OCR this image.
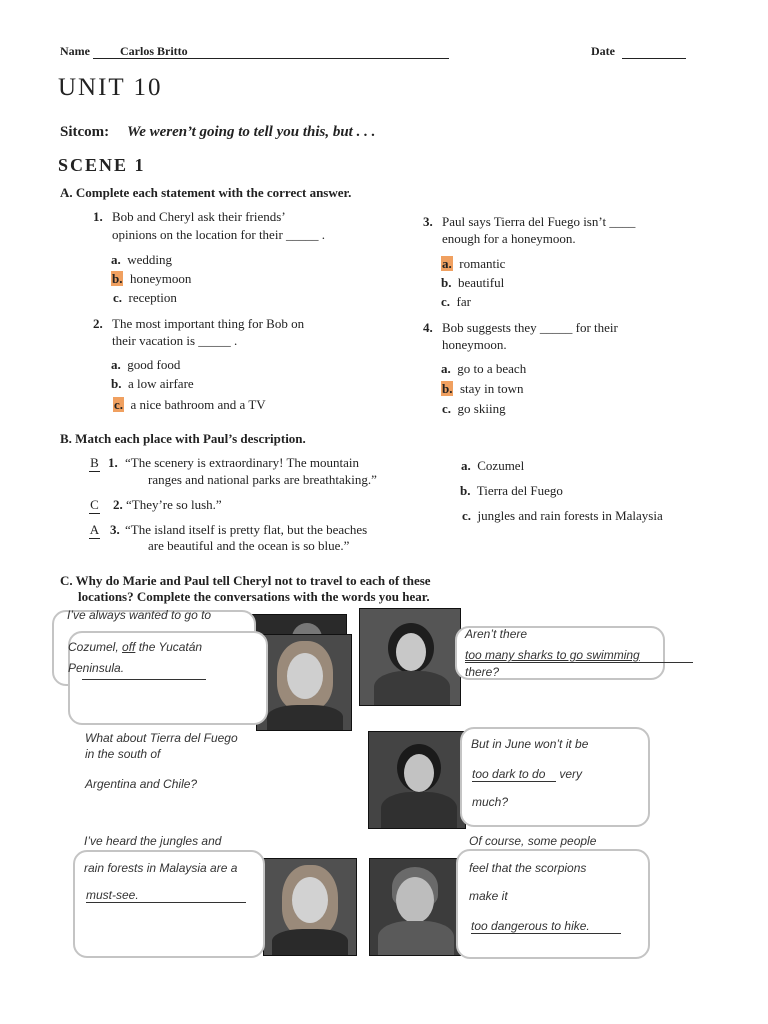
Name	Carlos Britto	Date
UNIT 10
Sitcom: We weren’t going to tell you this, but . . .
SCENE 1
A. Complete each statement with the correct answer.
1. Bob and Cheryl ask their friends’
opinions on the location for their _____ .
a. wedding
b. honeymoon
c. reception
2. The most important thing for Bob on
their vacation is _____ .
a. good food
b. a low airfare
c. a nice bathroom and a TV
3. Paul says Tierra del Fuego isn’t ____
enough for a honeymoon.
a. romantic
b. beautiful
c. far
4. Bob suggests they _____ for their
honeymoon.
a. go to a beach
b. stay in town
c. go skiing
B. Match each place with Paul’s description.
B 1. “The scenery is extraordinary! The mountain
ranges and national parks are breathtaking.”
C 2. “They’re so lush.”
A 3. “The island itself is pretty flat, but the beaches
are beautiful and the ocean is so blue.”
a. Cozumel
b. Tierra del Fuego
c. jungles and rain forests in Malaysia
C. Why do Marie and Paul tell Cheryl not to travel to each of these
locations? Complete the conversations with the words you hear.
I’ve always wanted to go to
Cozumel, off the Yucatán
Peninsula.
Aren’t there
too many sharks to go swimming
there?
What about Tierra del Fuego
in the south of
Argentina and Chile?
But in June won’t it be
too dark to do very
much?
I’ve heard the jungles and
rain forests in Malaysia are a
must-see.
Of course, some people
feel that the scorpions
make it
too dangerous to hike.
